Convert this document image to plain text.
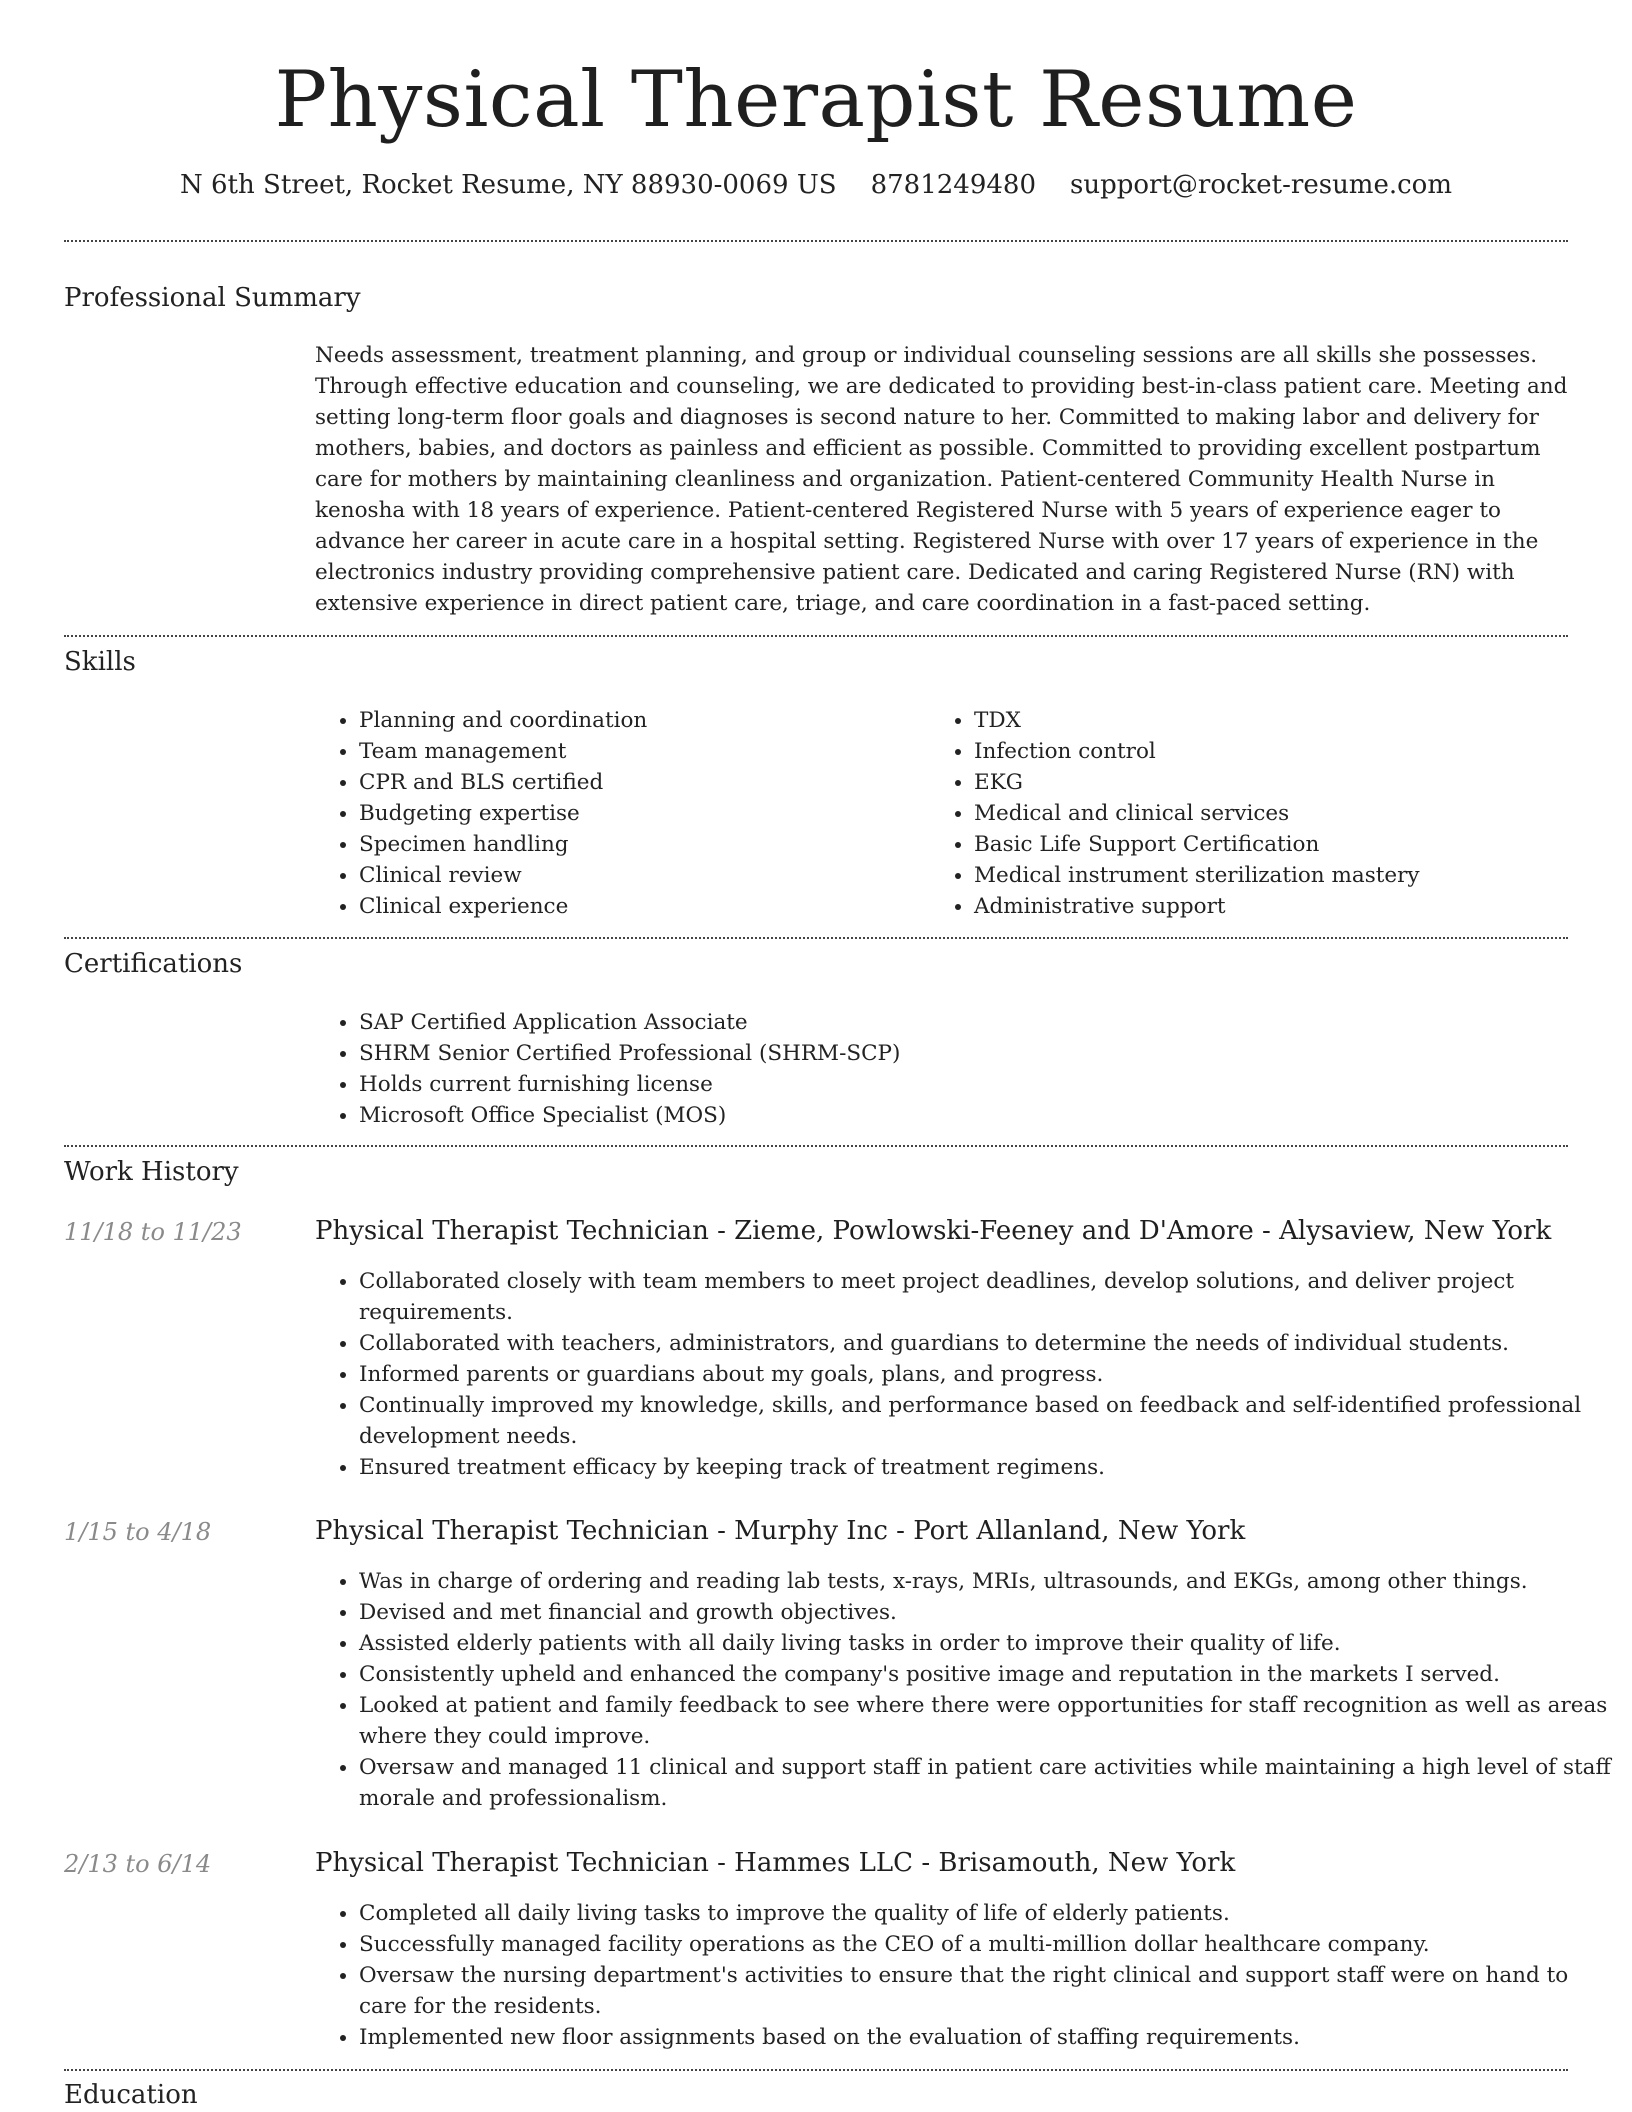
Physical Therapist Resume
N 6th Street, Rocket Resume, NY 88930-0069 US 8781249480 support@rocket-resume.com
Professional Summary

Needs assessment, treatment planning, and group or individual counseling sessions are all skills she possesses. Through effective education and counseling, we are dedicated to providing best-in-class patient care. Meeting and setting long-term floor goals and diagnoses is second nature to her. Committed to making labor and delivery for mothers, babies, and doctors as painless and efficient as possible. Committed to providing excellent postpartum care for mothers by maintaining cleanliness and organization. Patient-centered Community Health Nurse in kenosha with 18 years of experience. Patient-centered Registered Nurse with 5 years of experience eager to advance her career in acute care in a hospital setting. Registered Nurse with over 17 years of experience in the electronics industry providing comprehensive patient care. Dedicated and caring Registered Nurse (RN) with extensive experience in direct patient care, triage, and care coordination in a fast-paced setting.

Skills
• Planning and coordination
• Team management
• CPR and BLS certified
• Budgeting expertise
• Specimen handling
• Clinical review
• Clinical experience
• TDX
• Infection control
• EKG
• Medical and clinical services
• Basic Life Support Certification
• Medical instrument sterilization mastery
• Administrative support
Certifications
• SAP Certified Application Associate
• SHRM Senior Certified Professional (SHRM-SCP)
• Holds current furnishing license
• Microsoft Office Specialist (MOS)
Work History
11/18 to 11/23	Physical Therapist Technician - Zieme, Powlowski-Feeney and D'Amore - Alysaview, New York
• Collaborated closely with team members to meet project deadlines, develop solutions, and deliver project requirements.
• Collaborated with teachers, administrators, and guardians to determine the needs of individual students.
• Informed parents or guardians about my goals, plans, and progress.
• Continually improved my knowledge, skills, and performance based on feedback and self-identified professional development needs.
• Ensured treatment efficacy by keeping track of treatment regimens.
1/15 to 4/18	Physical Therapist Technician - Murphy Inc - Port Allanland, New York
• Was in charge of ordering and reading lab tests, x-rays, MRIs, ultrasounds, and EKGs, among other things.
• Devised and met financial and growth objectives.
• Assisted elderly patients with all daily living tasks in order to improve their quality of life.
• Consistently upheld and enhanced the company's positive image and reputation in the markets I served.
• Looked at patient and family feedback to see where there were opportunities for staff recognition as well as areas where they could improve.
• Oversaw and managed 11 clinical and support staff in patient care activities while maintaining a high level of staff morale and professionalism.
2/13 to 6/14	Physical Therapist Technician - Hammes LLC - Brisamouth, New York
• Completed all daily living tasks to improve the quality of life of elderly patients.
• Successfully managed facility operations as the CEO of a multi-million dollar healthcare company.
• Oversaw the nursing department's activities to ensure that the right clinical and support staff were on hand to care for the residents.
• Implemented new floor assignments based on the evaluation of staffing requirements.
Education
